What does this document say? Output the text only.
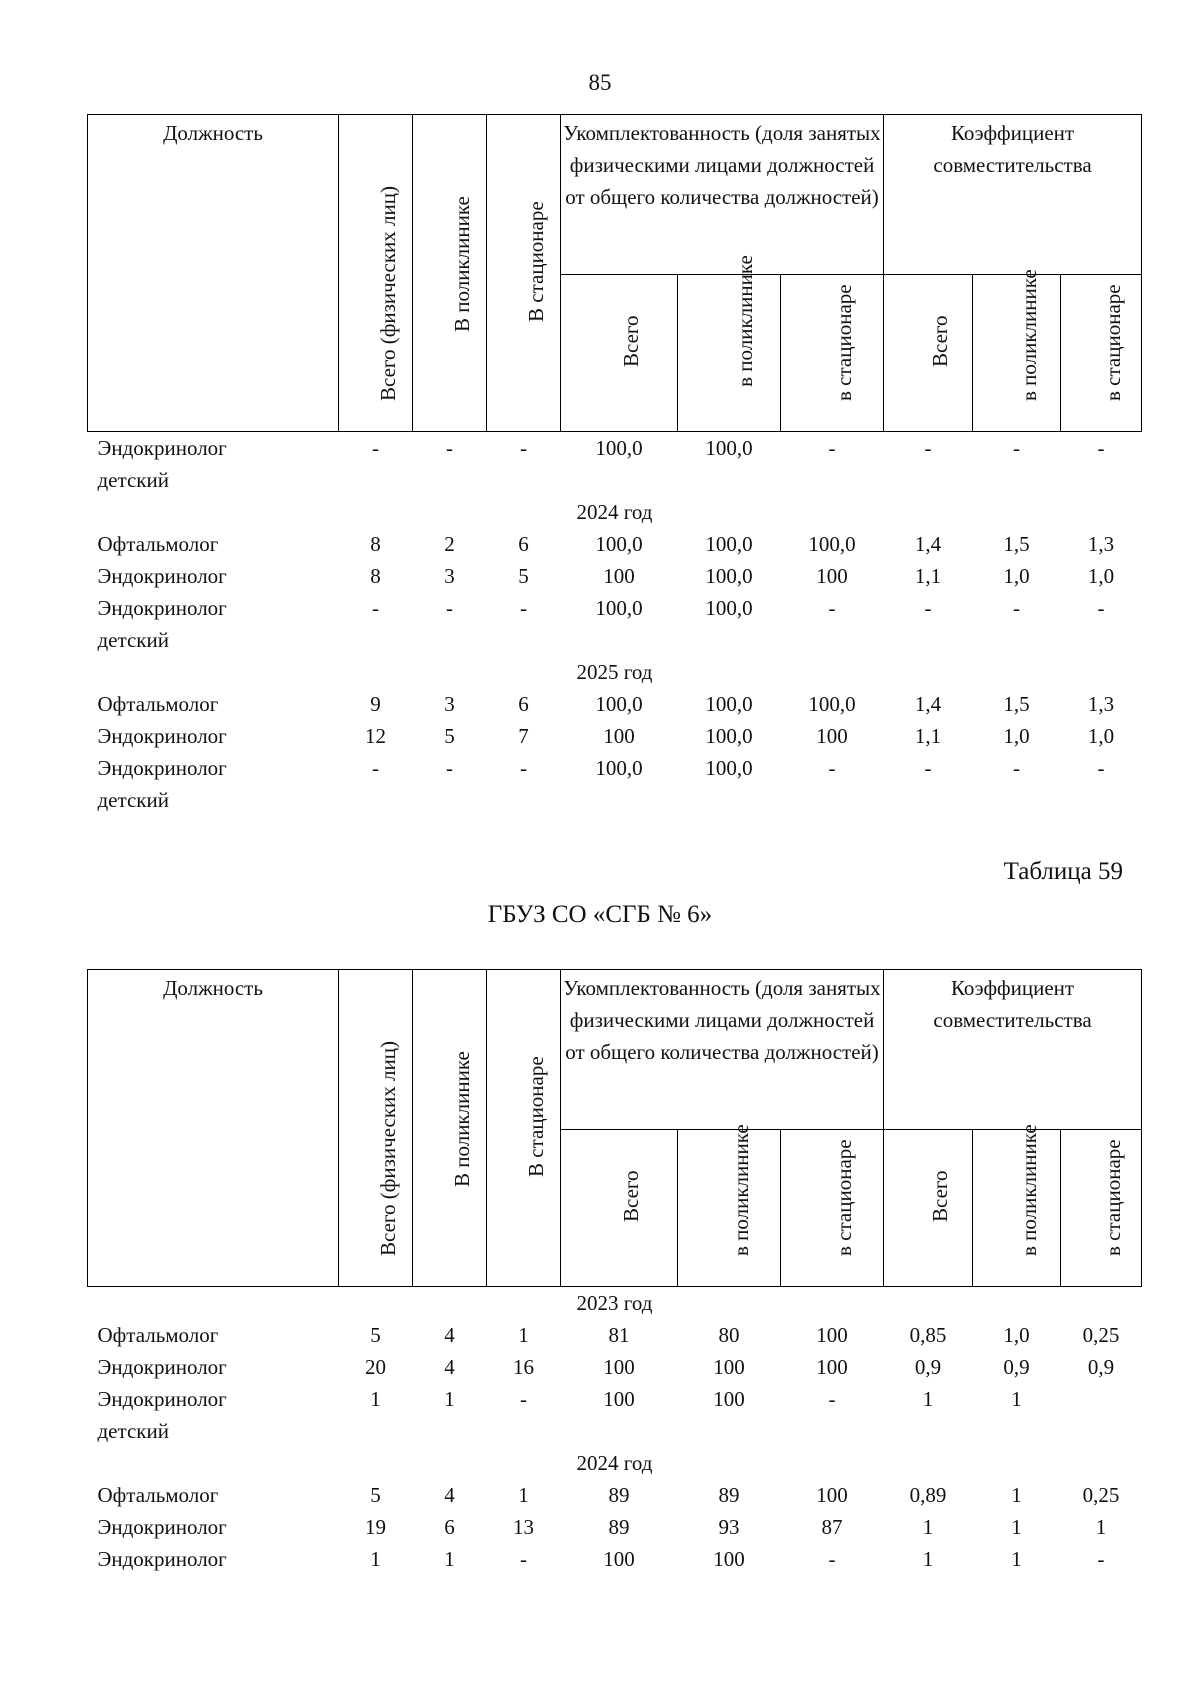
85
Должность	Всего (физических лиц)	В поликлинике	В стационаре	Укомплектованность (доля занятых физическими лицами должностей от общего количества должностей)			Коэффициент совместительства		

				Всего	в поликлинике	в стационаре	Всего	в поликлинике	в стационаре

Эндокринолог	-	-	-	100,0	100,0	-	-	-	-
детский									
2024 год									
Офтальмолог	8	2	6	100,0	100,0	100,0	1,4	1,5	1,3
Эндокринолог	8	3	5	100	100,0	100	1,1	1,0	1,0
Эндокринолог	-	-	-	100,0	100,0	-	-	-	-
детский									
2025 год									
Офтальмолог	9	3	6	100,0	100,0	100,0	1,4	1,5	1,3
Эндокринолог	12	5	7	100	100,0	100	1,1	1,0	1,0
Эндокринолог	-	-	-	100,0	100,0	-	-	-	-
детский									
Таблица 59
ГБУЗ СО «СГБ № 6»
Должность	Всего (физических лиц)	В поликлинике	В стационаре	Укомплектованность (доля занятых физическими лицами должностей от общего количества должностей)			Коэффициент совместительства		

				Всего	в поликлинике	в стационаре	Всего	в поликлинике	в стационаре

2023 год									
Офтальмолог	5	4	1	81	80	100	0,85	1,0	0,25
Эндокринолог	20	4	16	100	100	100	0,9	0,9	0,9
Эндокринолог	1	1	-	100	100	-	1	1	
детский									
2024 год									
Офтальмолог	5	4	1	89	89	100	0,89	1	0,25
Эндокринолог	19	6	13	89	93	87	1	1	1
Эндокринолог	1	1	-	100	100	-	1	1	-
